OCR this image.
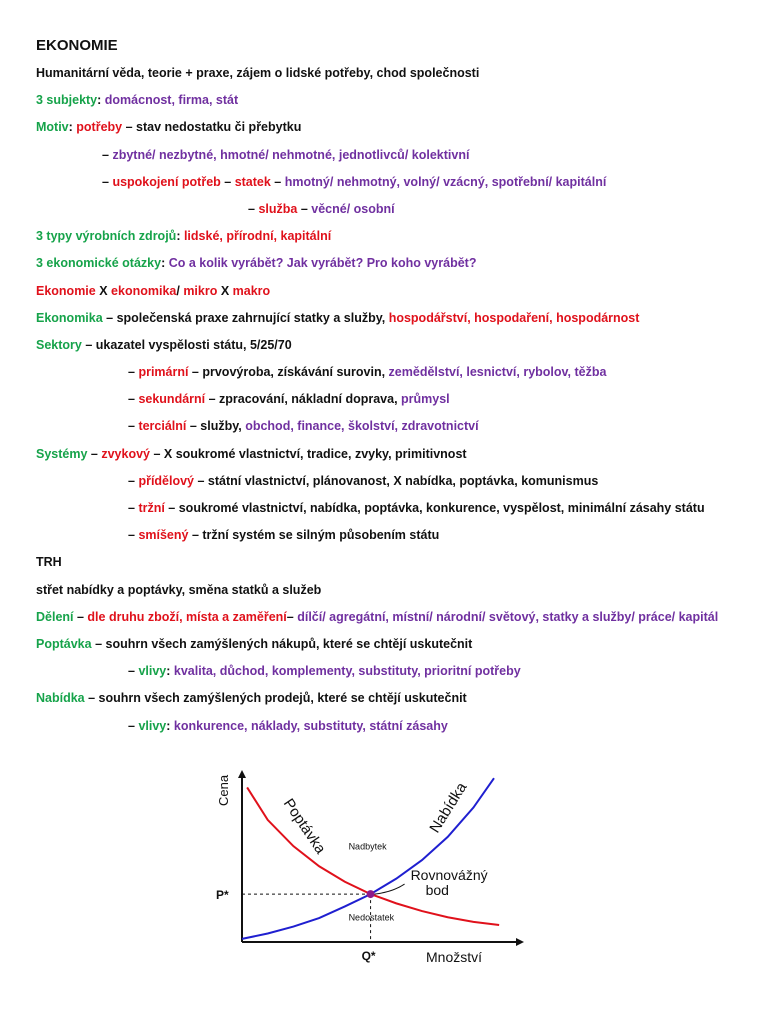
EKONOMIE
Humanitární věda, teorie + praxe, zájem o lidské potřeby, chod společnosti
3 subjekty: domácnost, firma, stát
Motiv: potřeby – stav nedostatku či přebytku
– zbytné/ nezbytné, hmotné/ nehmotné, jednotlivců/ kolektivní
– uspokojení potřeb – statek – hmotný/ nehmotný, volný/ vzácný, spotřební/ kapitální
– služba – věcné/ osobní
3 typy výrobních zdrojů: lidské, přírodní, kapitální
3 ekonomické otázky: Co a kolik vyrábět? Jak vyrábět? Pro koho vyrábět?
Ekonomie X ekonomika/ mikro X makro
Ekonomika – společenská praxe zahrnující statky a služby, hospodářství, hospodaření, hospodárnost
Sektory – ukazatel vyspělosti státu, 5/25/70
– primární – prvovýroba, získávání surovin, zemědělství, lesnictví, rybolov, těžba
– sekundární – zpracování, nákladní doprava, průmysl
– terciální – služby, obchod, finance, školství, zdravotnictví
Systémy – zvykový – X soukromé vlastnictví, tradice, zvyky, primitivnost
– přídělový – státní vlastnictví, plánovanost, X nabídka, poptávka, komunismus
– tržní – soukromé vlastnictví, nabídka, poptávka, konkurence, vyspělost, minimální zásahy státu
– smíšený – tržní systém se silným působením státu
TRH
střet nabídky a poptávky, směna statků a služeb
Dělení – dle druhu zboží, místa a zaměření– dílčí/ agregátní, místní/ národní/ světový, statky a služby/ práce/ kapitál
Poptávka – souhrn všech zamýšlených nákupů, které se chtějí uskutečnit
– vlivy: kvalita, důchod, komplementy, substituty, prioritní potřeby
Nabídka – souhrn všech zamýšlených prodejů, které se chtějí uskutečnit
– vlivy: konkurence, náklady, substituty, státní zásahy
Poptávka	Nabídka
Rovnovážný
bod
Nadbytek
Nedostatek
Cena
Množství
P*
Q*
